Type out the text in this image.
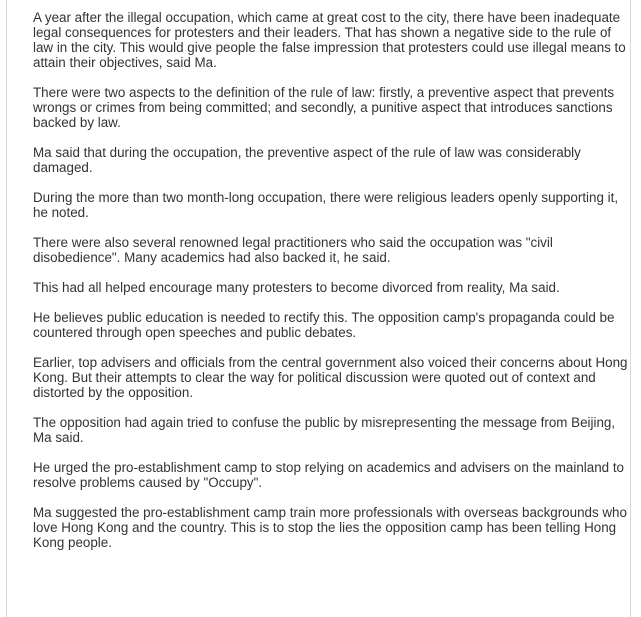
A year after the illegal occupation, which came at great cost to the city, there have been inadequate legal consequences for protesters and their leaders. That has shown a negative side to the rule of law in the city. This would give people the false impression that protesters could use illegal means to attain their objectives, said Ma.

There were two aspects to the definition of the rule of law: firstly, a preventive aspect that prevents wrongs or crimes from being committed; and secondly, a punitive aspect that introduces sanctions backed by law.

Ma said that during the occupation, the preventive aspect of the rule of law was considerably damaged.

During the more than two month-long occupation, there were religious leaders openly supporting it, he noted.

There were also several renowned legal practitioners who said the occupation was "civil disobedience". Many academics had also backed it, he said.

This had all helped encourage many protesters to become divorced from reality, Ma said.

He believes public education is needed to rectify this. The opposition camp's propaganda could be countered through open speeches and public debates.

Earlier, top advisers and officials from the central government also voiced their concerns about Hong Kong. But their attempts to clear the way for political discussion were quoted out of context and distorted by the opposition.

The opposition had again tried to confuse the public by misrepresenting the message from Beijing, Ma said.

He urged the pro-establishment camp to stop relying on academics and advisers on the mainland to resolve problems caused by "Occupy".

Ma suggested the pro-establishment camp train more professionals with overseas backgrounds who love Hong Kong and the country. This is to stop the lies the opposition camp has been telling Hong Kong people.
